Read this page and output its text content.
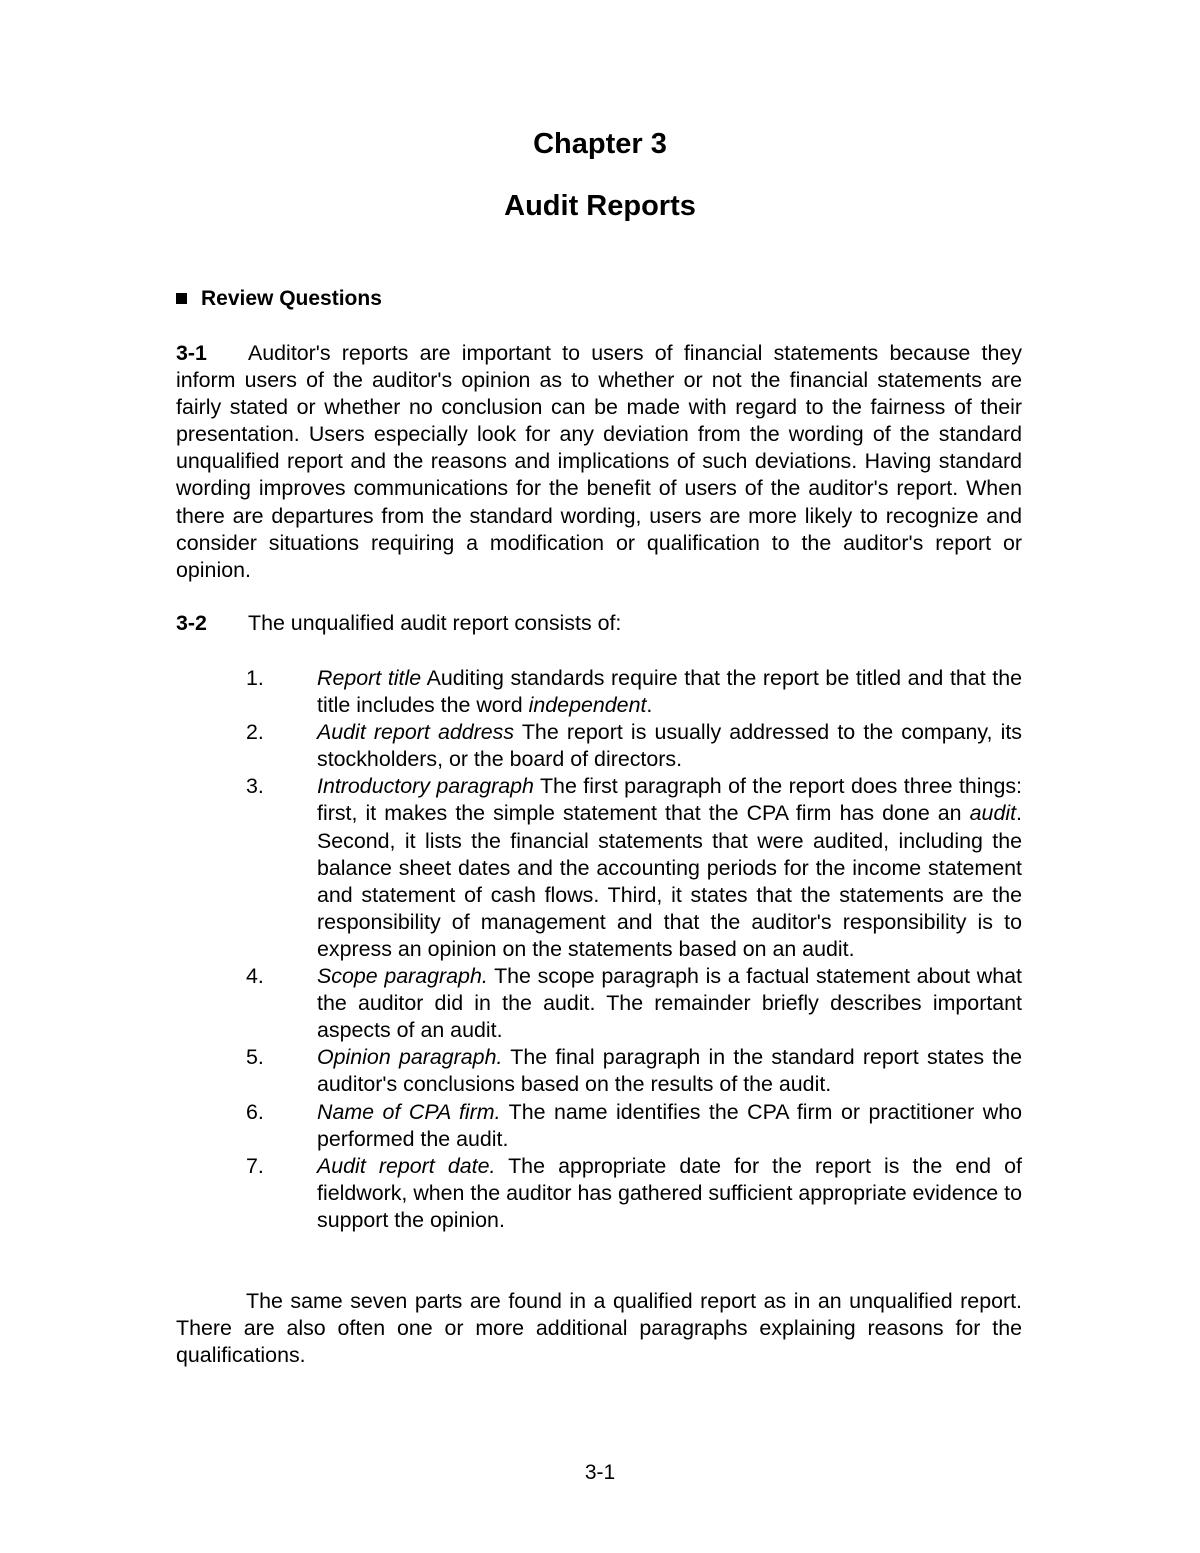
Chapter 3
Audit Reports
Review Questions
3-1 Auditor's reports are important to users of financial statements because they inform users of the auditor's opinion as to whether or not the financial statements are fairly stated or whether no conclusion can be made with regard to the fairness of their presentation. Users especially look for any deviation from the wording of the standard unqualified report and the reasons and implications of such deviations. Having standard wording improves communications for the benefit of users of the auditor's report. When there are departures from the standard wording, users are more likely to recognize and consider situations requiring a modification or qualification to the auditor's report or opinion.
3-2 The unqualified audit report consists of:
1. Report title Auditing standards require that the report be titled and that the title includes the word independent.
2. Audit report address The report is usually addressed to the company, its stockholders, or the board of directors.
3. Introductory paragraph The first paragraph of the report does three things: first, it makes the simple statement that the CPA firm has done an audit. Second, it lists the financial statements that were audited, including the balance sheet dates and the accounting periods for the income statement and statement of cash flows. Third, it states that the statements are the responsibility of management and that the auditor's responsibility is to express an opinion on the statements based on an audit.
4. Scope paragraph. The scope paragraph is a factual statement about what the auditor did in the audit. The remainder briefly describes important aspects of an audit.
5. Opinion paragraph. The final paragraph in the standard report states the auditor's conclusions based on the results of the audit.
6. Name of CPA firm. The name identifies the CPA firm or practitioner who performed the audit.
7. Audit report date. The appropriate date for the report is the end of fieldwork, when the auditor has gathered sufficient appropriate evidence to support the opinion.
The same seven parts are found in a qualified report as in an unqualified report. There are also often one or more additional paragraphs explaining reasons for the qualifications.
3-1
